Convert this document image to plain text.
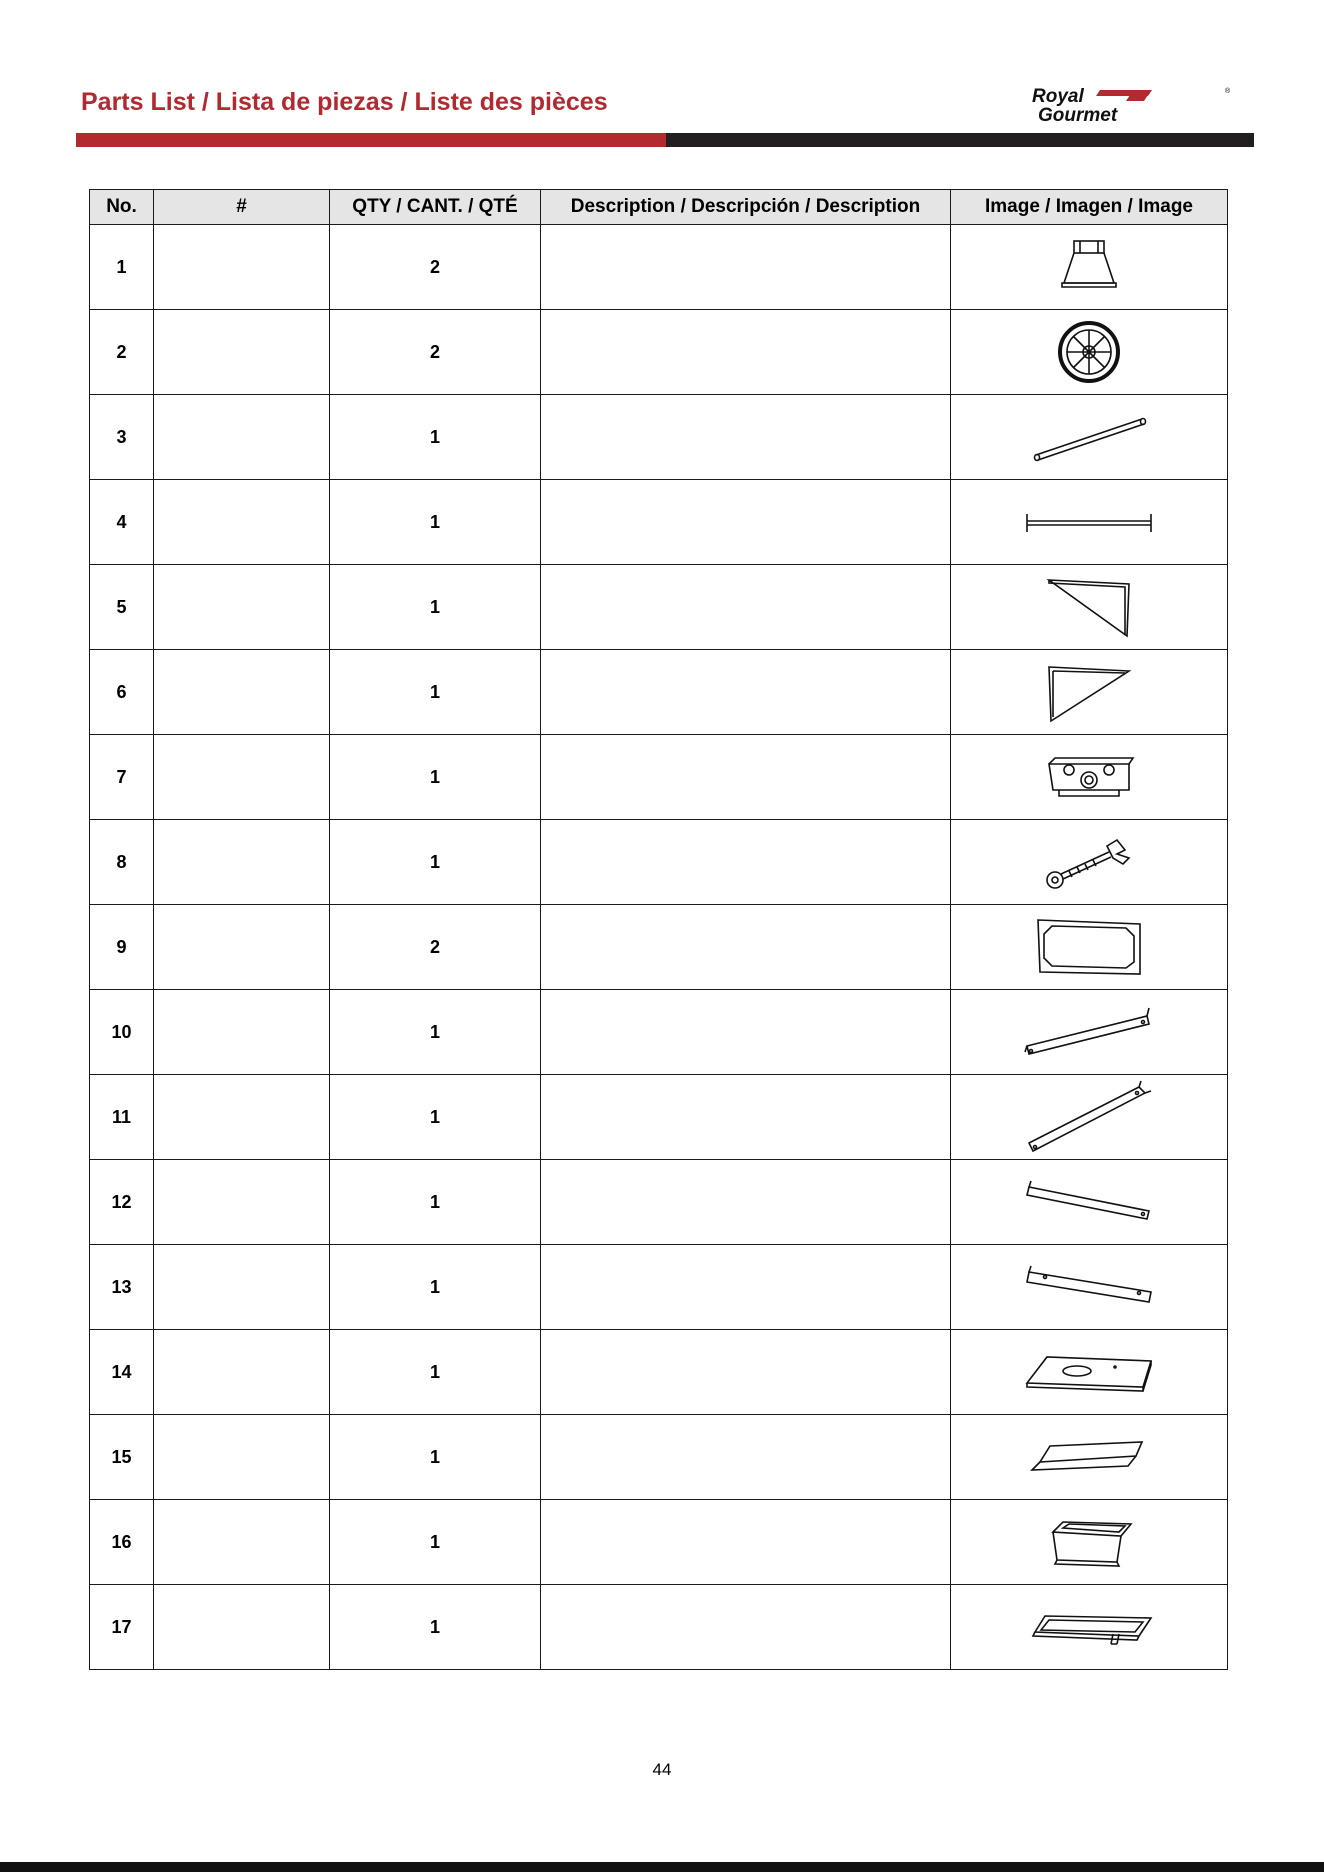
Parts List / Lista de piezas / Liste des pièces	Royal
Gourmet
®
No.	#	QTY / CANT. / QTÉ	Description / Descripción / Description	Image / Imagen / Image
1		2		

2		2		

3		1		

4		1		

5		1		

6		1		

7		1		

8		1		

9		2		

10		1		

11		1		

12		1		

13		1		

14		1		

15		1		

16		1		

17		1		
44
